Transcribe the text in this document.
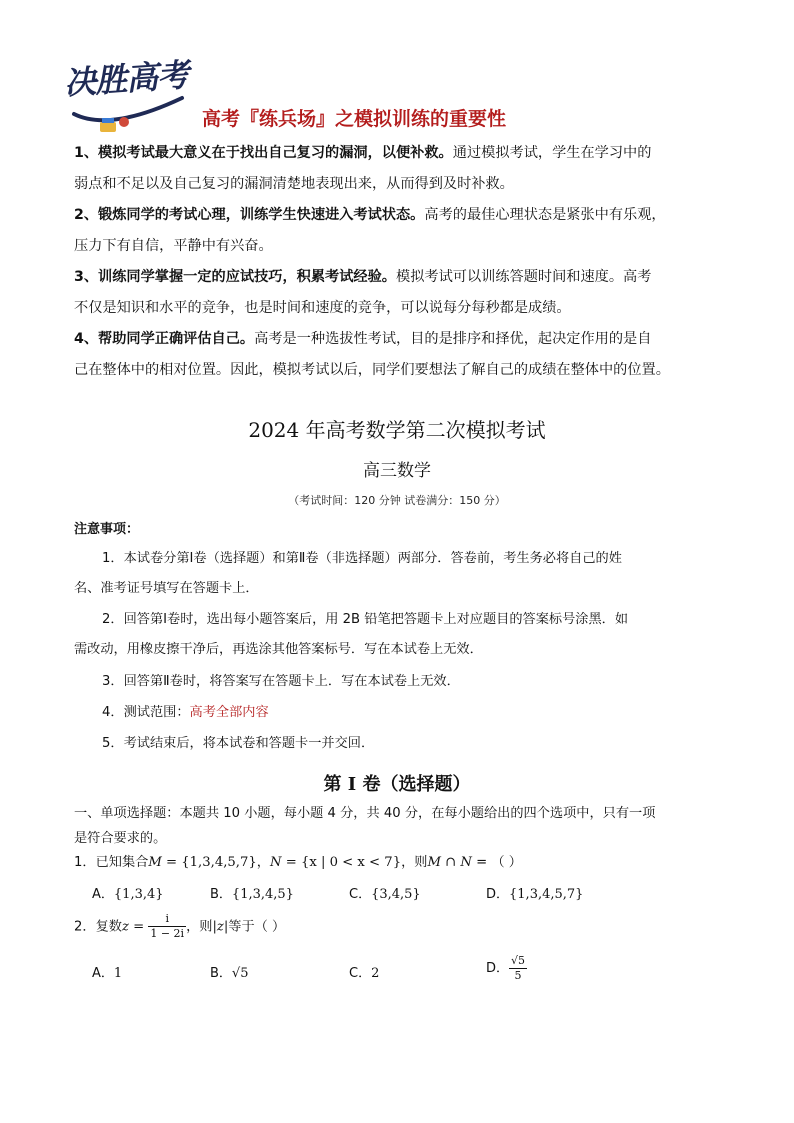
决胜高考
高考『练兵场』之模拟训练的重要性
1、模拟考试最大意义在于找出自己复习的漏洞，以便补救。通过模拟考试，学生在学习中的
弱点和不足以及自己复习的漏洞清楚地表现出来，从而得到及时补救。
2、锻炼同学的考试心理，训练学生快速进入考试状态。高考的最佳心理状态是紧张中有乐观，
压力下有自信，平静中有兴奋。
3、训练同学掌握一定的应试技巧，积累考试经验。模拟考试可以训练答题时间和速度。高考
不仅是知识和水平的竞争，也是时间和速度的竞争，可以说每分每秒都是成绩。
4、帮助同学正确评估自己。高考是一种选拔性考试，目的是排序和择优，起决定作用的是自
己在整体中的相对位置。因此，模拟考试以后，同学们要想法了解自己的成绩在整体中的位置。
2024 年高考数学第二次模拟考试
高三数学
（考试时间：120 分钟 试卷满分：150 分）
注意事项：
1．本试卷分第Ⅰ卷（选择题）和第Ⅱ卷（非选择题）两部分．答卷前，考生务必将自己的姓
名、准考证号填写在答题卡上．
2．回答第Ⅰ卷时，选出每小题答案后，用 2B 铅笔把答题卡上对应题目的答案标号涂黑．如
需改动，用橡皮擦干净后，再选涂其他答案标号．写在本试卷上无效．
3．回答第Ⅱ卷时，将答案写在答题卡上．写在本试卷上无效．
4．测试范围：高考全部内容
5．考试结束后，将本试卷和答题卡一并交回．
第 I 卷（选择题）
一、单项选择题：本题共 10 小题，每小题 4 分，共 40 分，在每小题给出的四个选项中，只有一项
是符合要求的。
1．已知集合M = {1,3,4,5,7}，N = {x | 0 < x < 7}，则M ∩ N = （ ）
A．{1,3,4}	B．{1,3,4,5}	C．{3,4,5}	D．{1,3,4,5,7}
2．复数$z = \frac{i}{1 - 2i}$ ，则|z|等于（ ）
A．1	B．√5	C．2	D． $\frac{√5}{5}$
